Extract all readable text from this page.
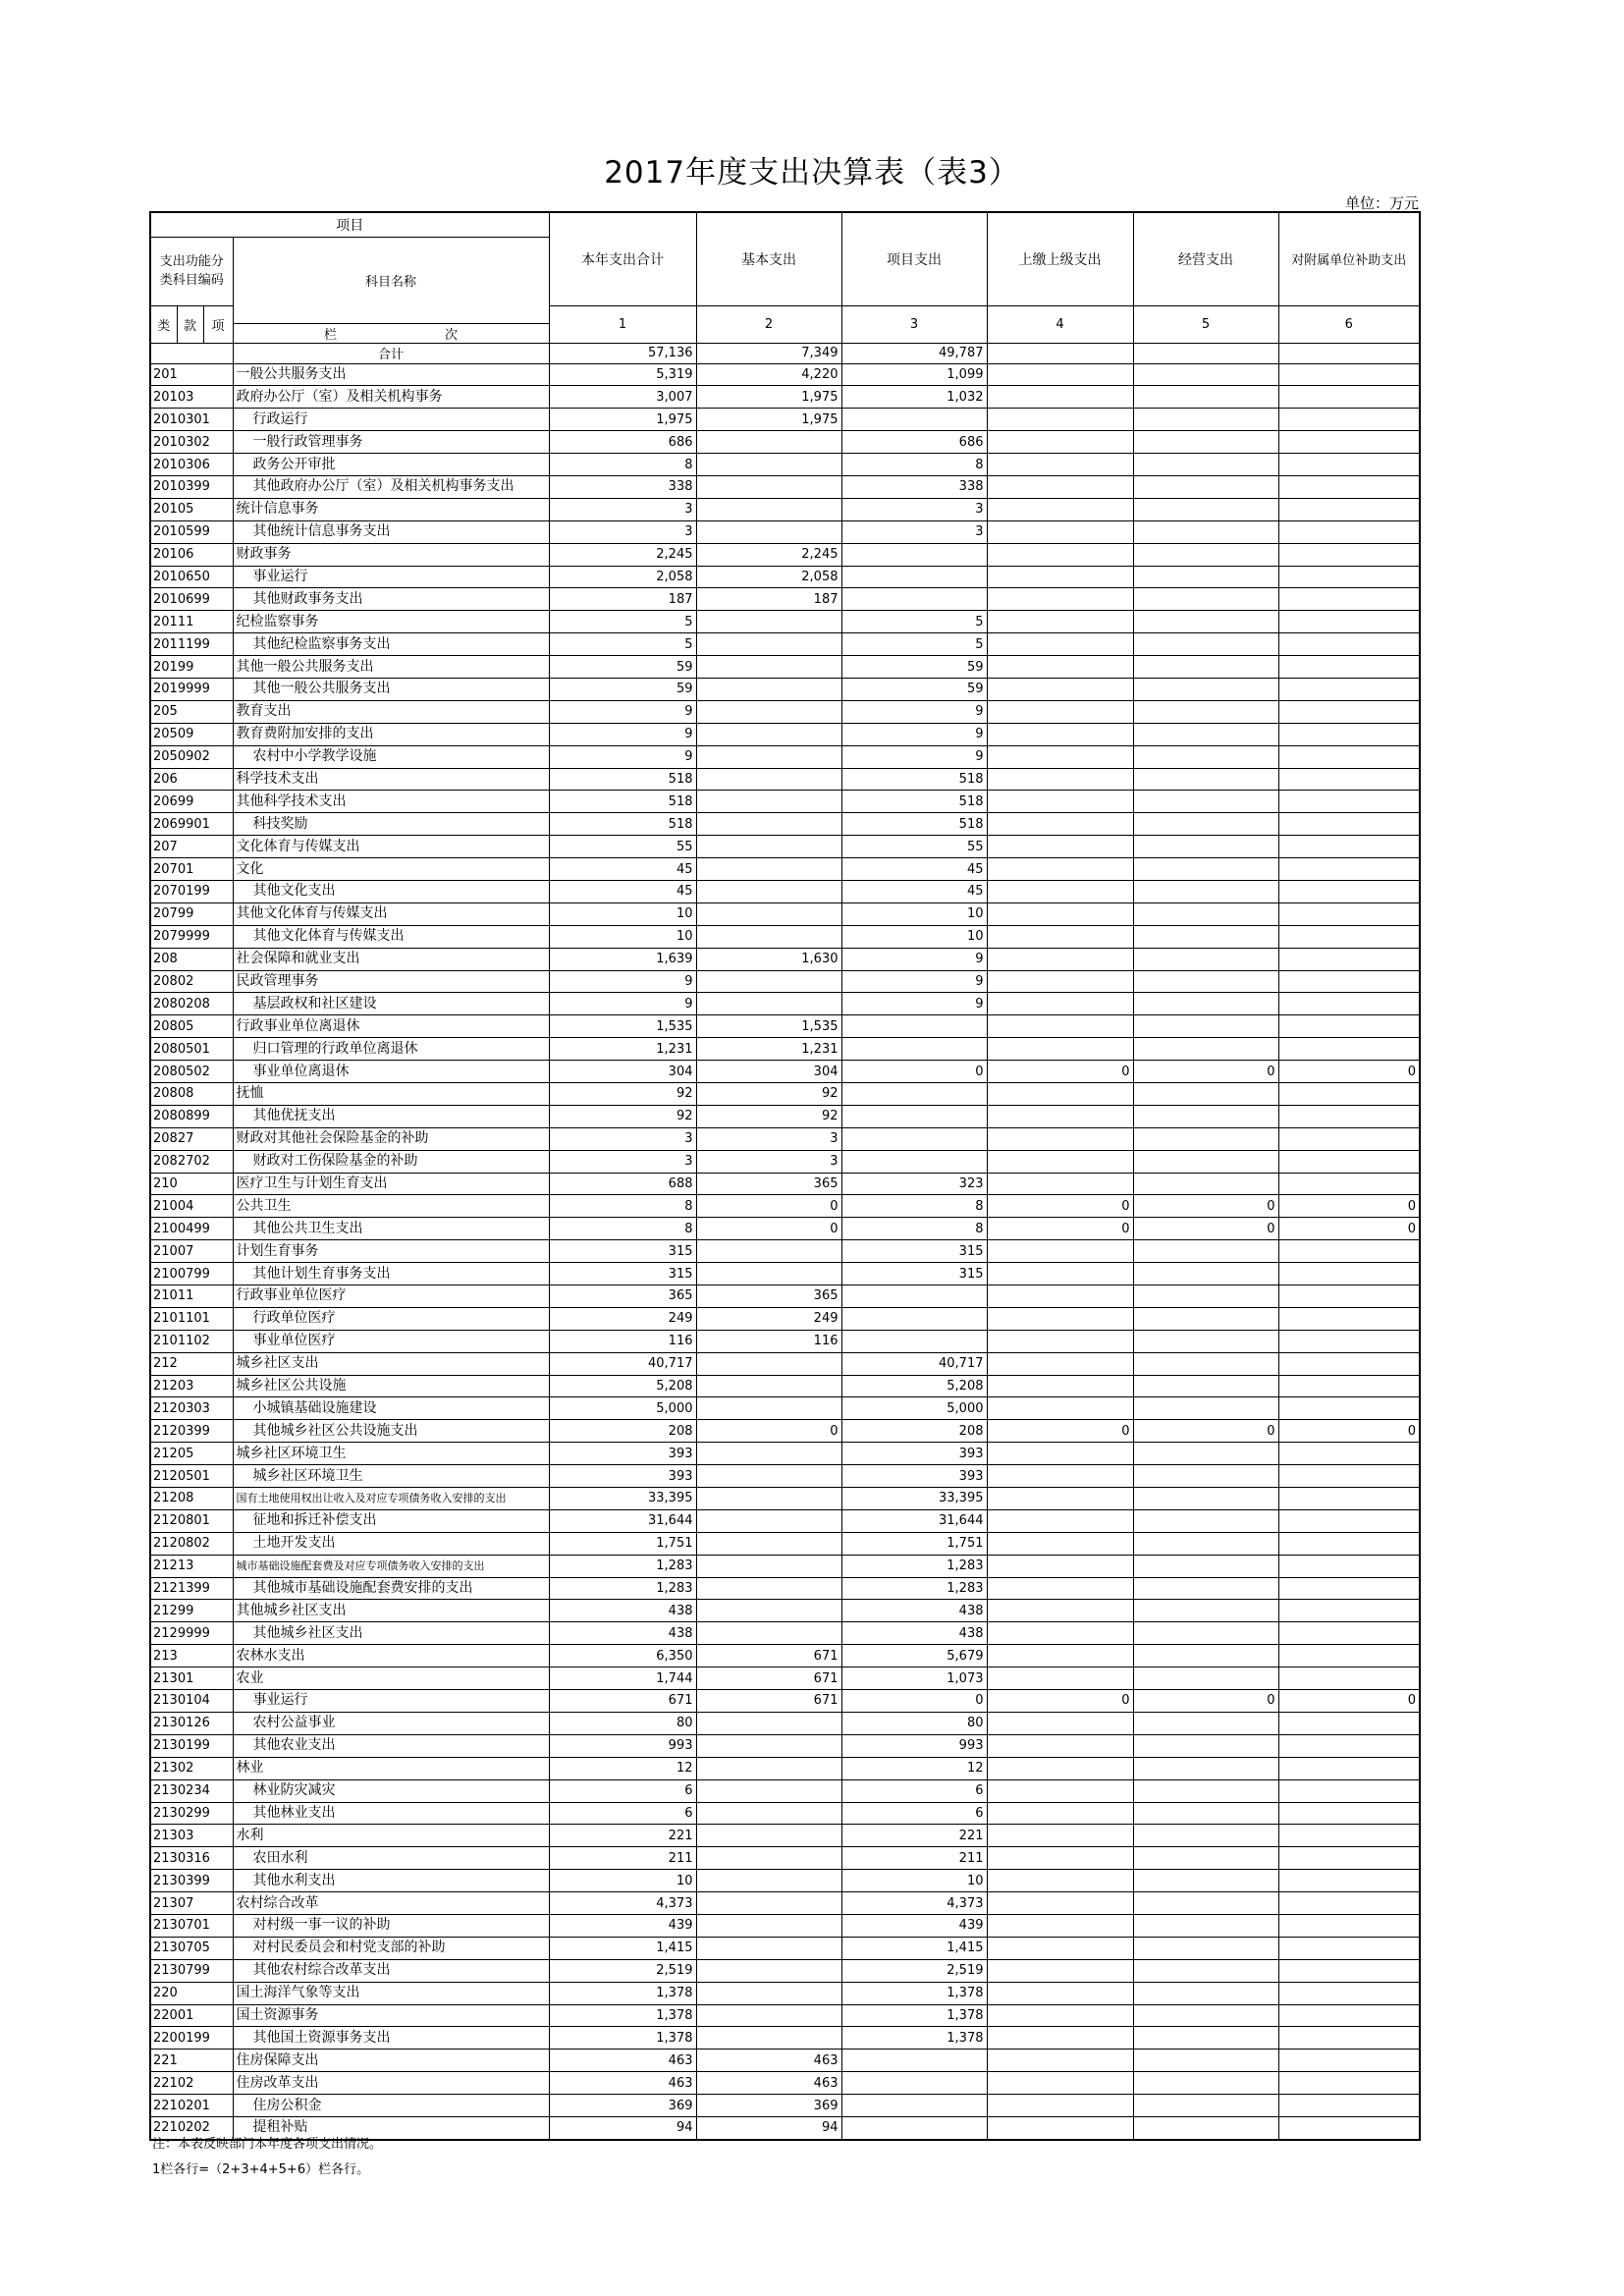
2017年度支出决算表（表3）
单位：万元
项目				本年支出合计	基本支出	项目支出	上缴上级支出	经营支出	对附属单位补助支出
支出功能分类科目编码			科目名称						
类	款	项		1	2	3	4	5	6
			栏 次						
			合计	57,136	7,349	49,787			
201			一般公共服务支出	5,319	4,220	1,099			
20103			政府办公厅（室）及相关机构事务	3,007	1,975	1,032			
2010301			行政运行	1,975	1,975				
2010302			一般行政管理事务	686		686			
2010306			政务公开审批	8		8			
2010399			其他政府办公厅（室）及相关机构事务支出	338		338			
20105			统计信息事务	3		3			
2010599			其他统计信息事务支出	3		3			
20106			财政事务	2,245	2,245				
2010650			事业运行	2,058	2,058				
2010699			其他财政事务支出	187	187				
20111			纪检监察事务	5		5			
2011199			其他纪检监察事务支出	5		5			
20199			其他一般公共服务支出	59		59			
2019999			其他一般公共服务支出	59		59			
205			教育支出	9		9			
20509			教育费附加安排的支出	9		9			
2050902			农村中小学教学设施	9		9			
206			科学技术支出	518		518			
20699			其他科学技术支出	518		518			
2069901			科技奖励	518		518			
207			文化体育与传媒支出	55		55			
20701			文化	45		45			
2070199			其他文化支出	45		45			
20799			其他文化体育与传媒支出	10		10			
2079999			其他文化体育与传媒支出	10		10			
208			社会保障和就业支出	1,639	1,630	9			
20802			民政管理事务	9		9			
2080208			基层政权和社区建设	9		9			
20805			行政事业单位离退休	1,535	1,535				
2080501			归口管理的行政单位离退休	1,231	1,231				
2080502			事业单位离退休	304	304	0	0	0	0
20808			抚恤	92	92				
2080899			其他优抚支出	92	92				
20827			财政对其他社会保险基金的补助	3	3				
2082702			财政对工伤保险基金的补助	3	3				
210			医疗卫生与计划生育支出	688	365	323			
21004			公共卫生	8	0	8	0	0	0
2100499			其他公共卫生支出	8	0	8	0	0	0
21007			计划生育事务	315		315			
2100799			其他计划生育事务支出	315		315			
21011			行政事业单位医疗	365	365				
2101101			行政单位医疗	249	249				
2101102			事业单位医疗	116	116				
212			城乡社区支出	40,717		40,717			
21203			城乡社区公共设施	5,208		5,208			
2120303			小城镇基础设施建设	5,000		5,000			
2120399			其他城乡社区公共设施支出	208	0	208	0	0	0
21205			城乡社区环境卫生	393		393			
2120501			城乡社区环境卫生	393		393			
21208			国有土地使用权出让收入及对应专项债务收入安排的支出	33,395		33,395			
2120801			征地和拆迁补偿支出	31,644		31,644			
2120802			土地开发支出	1,751		1,751			
21213			城市基础设施配套费及对应专项债务收入安排的支出	1,283		1,283			
2121399			其他城市基础设施配套费安排的支出	1,283		1,283			
21299			其他城乡社区支出	438		438			
2129999			其他城乡社区支出	438		438			
213			农林水支出	6,350	671	5,679			
21301			农业	1,744	671	1,073			
2130104			事业运行	671	671	0	0	0	0
2130126			农村公益事业	80		80			
2130199			其他农业支出	993		993			
21302			林业	12		12			
2130234			林业防灾减灾	6		6			
2130299			其他林业支出	6		6			
21303			水利	221		221			
2130316			农田水利	211		211			
2130399			其他水利支出	10		10			
21307			农村综合改革	4,373		4,373			
2130701			对村级一事一议的补助	439		439			
2130705			对村民委员会和村党支部的补助	1,415		1,415			
2130799			其他农村综合改革支出	2,519		2,519			
220			国土海洋气象等支出	1,378		1,378			
22001			国土资源事务	1,378		1,378			
2200199			其他国土资源事务支出	1,378		1,378			
221			住房保障支出	463	463				
22102			住房改革支出	463	463				
2210201			住房公积金	369	369				
2210202			提租补贴	94	94				
注：本表反映部门本年度各项支出情况。
1栏各行=（2+3+4+5+6）栏各行。
